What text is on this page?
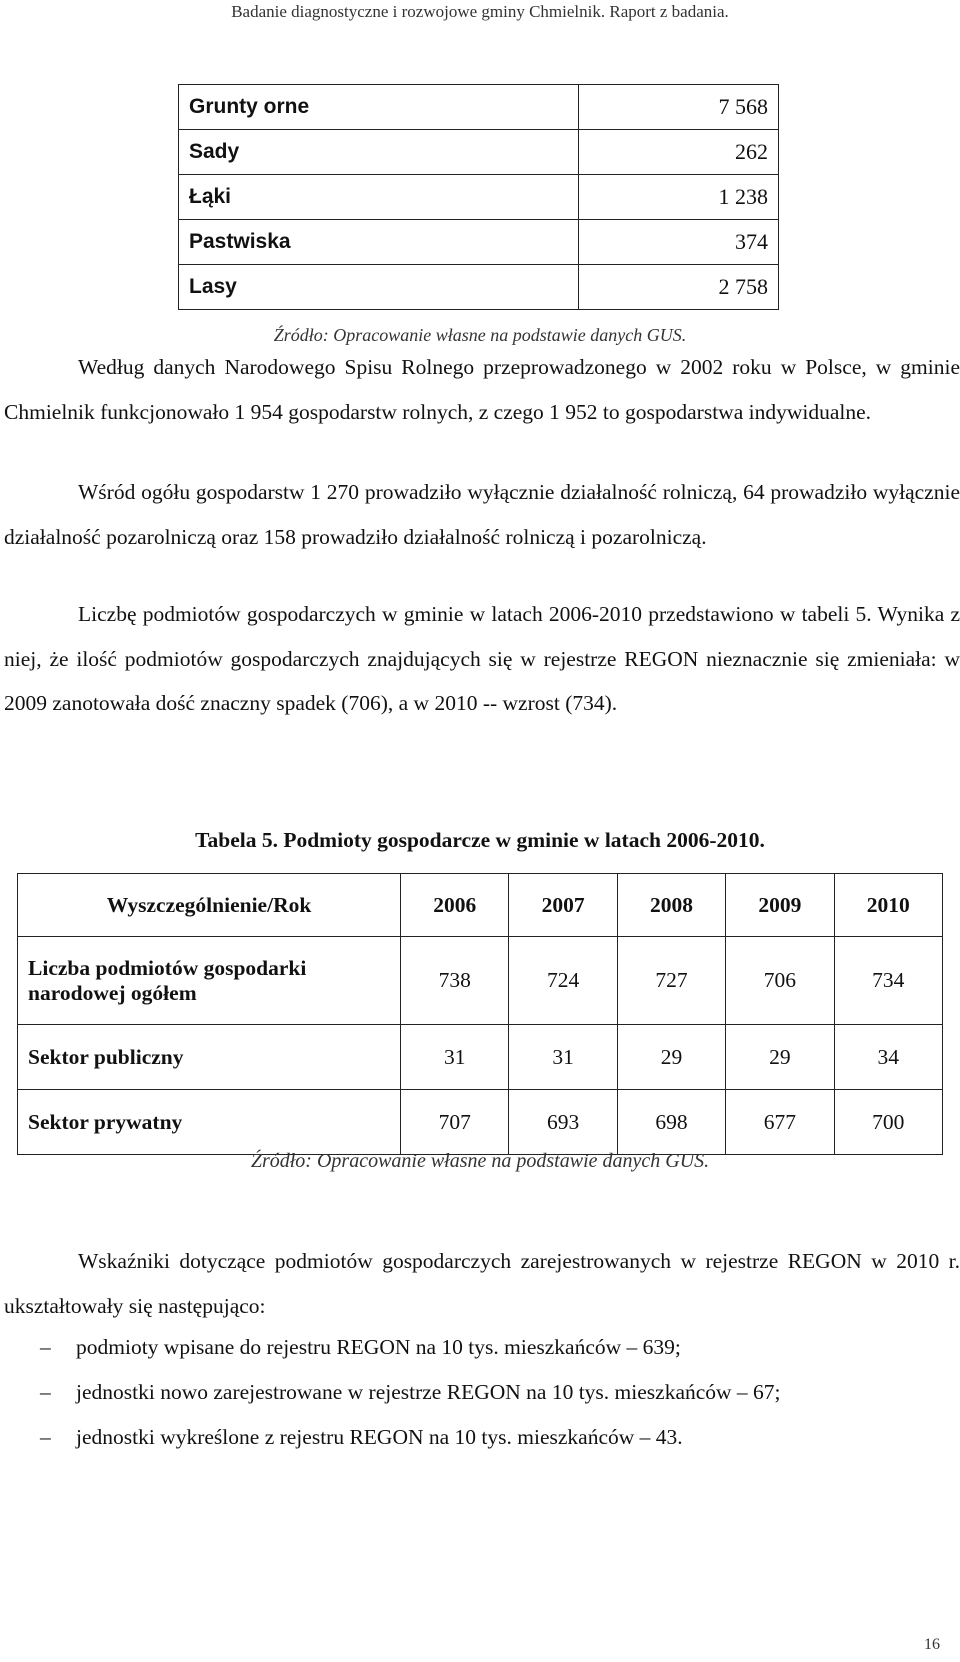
Badanie diagnostyczne i rozwojowe gminy Chmielnik. Raport z badania.
Grunty orne	7 568
Sady	262
Łąki	1 238
Pastwiska	374
Lasy	2 758
Źródło: Opracowanie własne na podstawie danych GUS.

Według danych Narodowego Spisu Rolnego przeprowadzonego w 2002 roku w Polsce, w gminie Chmielnik funkcjonowało 1 954 gospodarstw rolnych, z czego 1 952 to gospodarstwa indywidualne.

Wśród ogółu gospodarstw 1 270 prowadziło wyłącznie działalność rolniczą, 64 prowadziło wyłącznie działalność pozarolniczą oraz 158 prowadziło działalność rolniczą i pozarolniczą.

Liczbę podmiotów gospodarczych w gminie w latach 2006-2010 przedstawiono w tabeli 5. Wynika z niej, że ilość podmiotów gospodarczych znajdujących się w rejestrze REGON nieznacznie się zmieniała: w 2009 zanotowała dość znaczny spadek (706), a w 2010 -- wzrost (734).

Tabela 5. Podmioty gospodarcze w gminie w latach 2006-2010.
Wyszczególnienie/Rok	2006	2007	2008	2009	2010
Liczba podmiotów gospodarki narodowej ogółem	738	724	727	706	734
Sektor publiczny	31	31	29	29	34
Sektor prywatny	707	693	698	677	700
Źródło: Opracowanie własne na podstawie danych GUS.

Wskaźniki dotyczące podmiotów gospodarczych zarejestrowanych w rejestrze REGON w 2010 r. ukształtowały się następująco:

–	podmioty wpisane do rejestru REGON na 10 tys. mieszkańców – 639;
–	jednostki nowo zarejestrowane w rejestrze REGON na 10 tys. mieszkańców – 67;
–	jednostki wykreślone z rejestru REGON na 10 tys. mieszkańców – 43.
16
